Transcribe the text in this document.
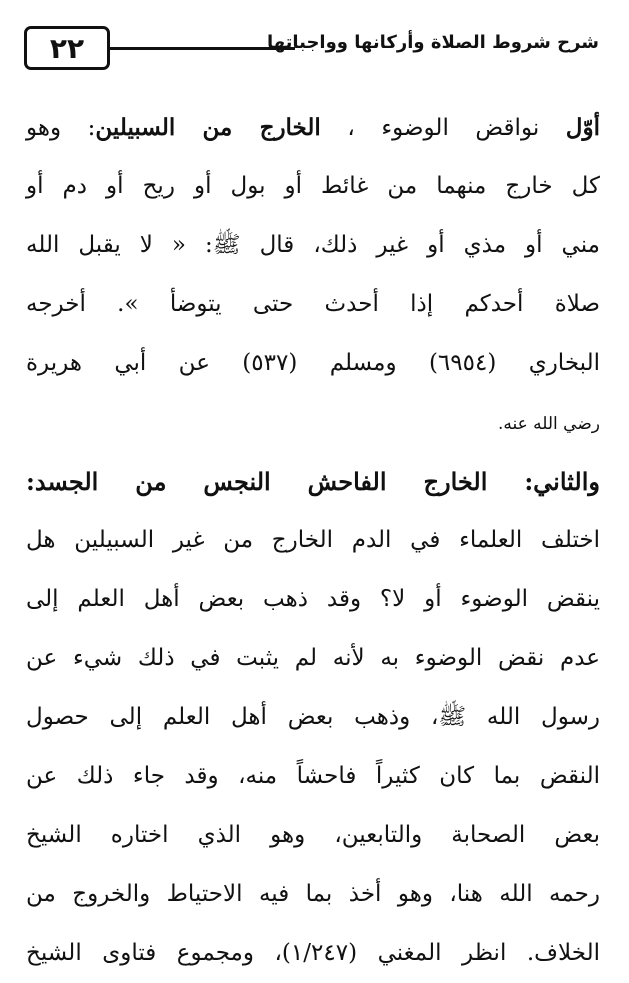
٢٢	شرح شروط الصلاة وأركانها وواجباتها
أوّل نواقض الوضوء ، الخارج من السبيلين: وهو
كل خارج منهما من غائط أو بول أو ريح أو دم أو
مني أو مذي أو غير ذلك، قال ﷺ: « لا يقبل الله
صلاة أحدكم إذا أحدث حتى يتوضأ ». أخرجه
البخاري (٦٩٥٤) ومسلم (٥٣٧) عن أبي هريرة
رضي الله عنه.
والثاني: الخارج الفاحش النجس من الجسد:
اختلف العلماء في الدم الخارج من غير السبيلين هل
ينقض الوضوء أو لا؟ وقد ذهب بعض أهل العلم إلى
عدم نقض الوضوء به لأنه لم يثبت في ذلك شيء عن
رسول الله ﷺ، وذهب بعض أهل العلم إلى حصول
النقض بما كان كثيراً فاحشاً منه، وقد جاء ذلك عن
بعض الصحابة والتابعين، وهو الذي اختاره الشيخ
رحمه الله هنا، وهو أخذ بما فيه الاحتياط والخروج من
الخلاف. انظر المغني (١/٢٤٧)، ومجموع فتاوى الشيخ
